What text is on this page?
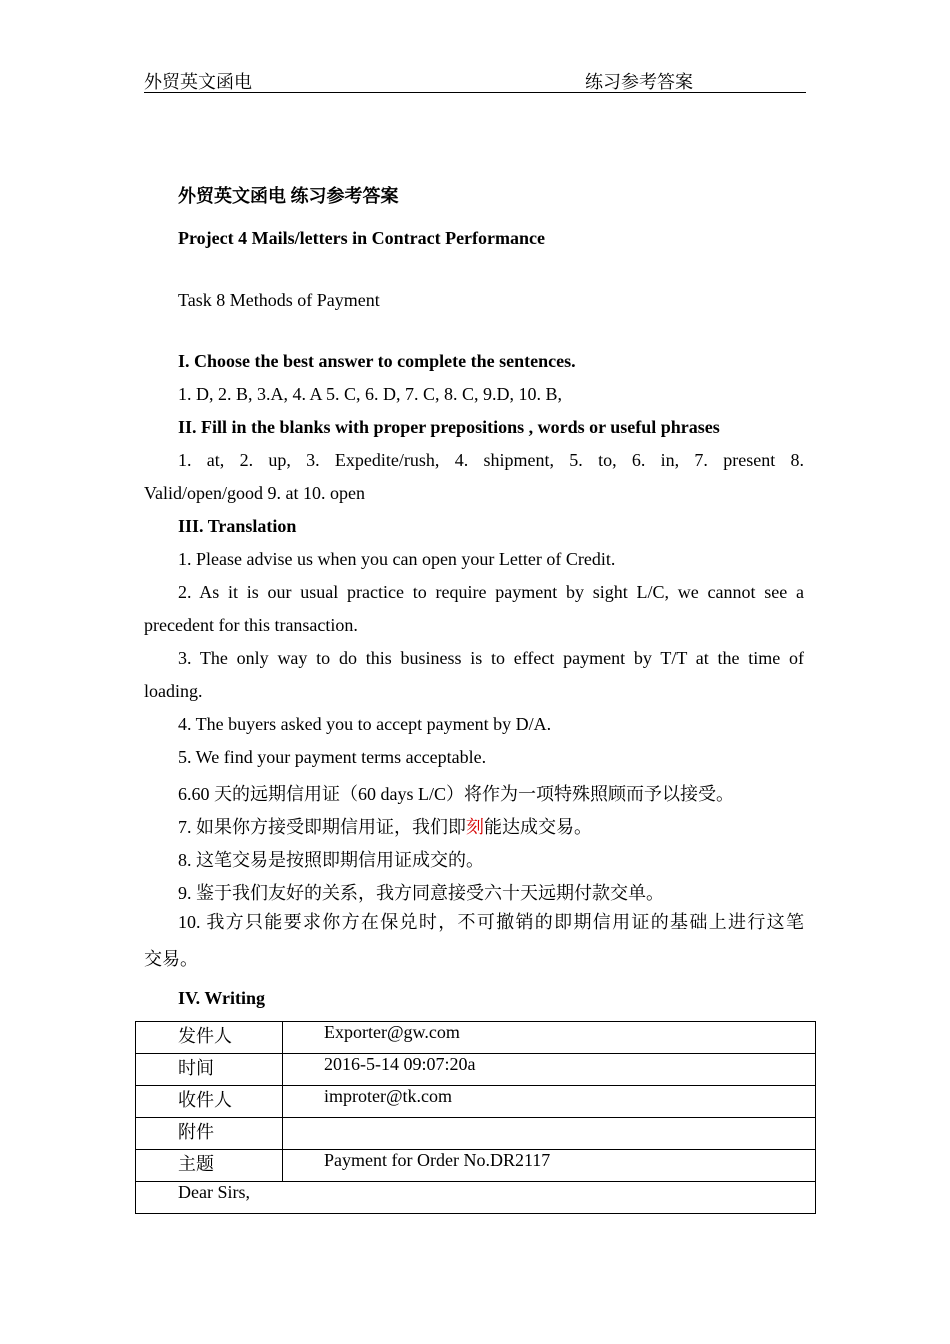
外贸英文函电	练习参考答案
外贸英文函电 练习参考答案
Project 4 Mails/letters in Contract Performance
Task 8 Methods of Payment
I. Choose the best answer to complete the sentences.
1. D, 2. B, 3.A, 4. A 5. C, 6. D, 7. C, 8. C, 9.D, 10. B,
II. Fill in the blanks with proper prepositions , words or useful phrases
1. at, 2. up, 3. Expedite/rush, 4. shipment, 5. to, 6. in, 7. present 8.
Valid/open/good 9. at 10. open
III. Translation
1. Please advise us when you can open your Letter of Credit.
2. As it is our usual practice to require payment by sight L/C, we cannot see a
precedent for this transaction.
3. The only way to do this business is to effect payment by T/T at the time of
loading.
4. The buyers asked you to accept payment by D/A.
5. We find your payment terms acceptable.
6.60 天的远期信用证（60 days L/C）将作为一项特殊照顾而予以接受。
7. 如果你方接受即期信用证，我们即刻能达成交易。
8. 这笔交易是按照即期信用证成交的。
9. 鉴于我们友好的关系，我方同意接受六十天远期付款交单。
10. 我方只能要求你方在保兑时，不可撤销的即期信用证的基础上进行这笔
交易。
IV. Writing
发件人	Exporter@gw.com
时间	2016-5-14 09:07:20a
收件人	improter@tk.com
附件	
主题	Payment for Order No.DR2117
Dear Sirs,	
